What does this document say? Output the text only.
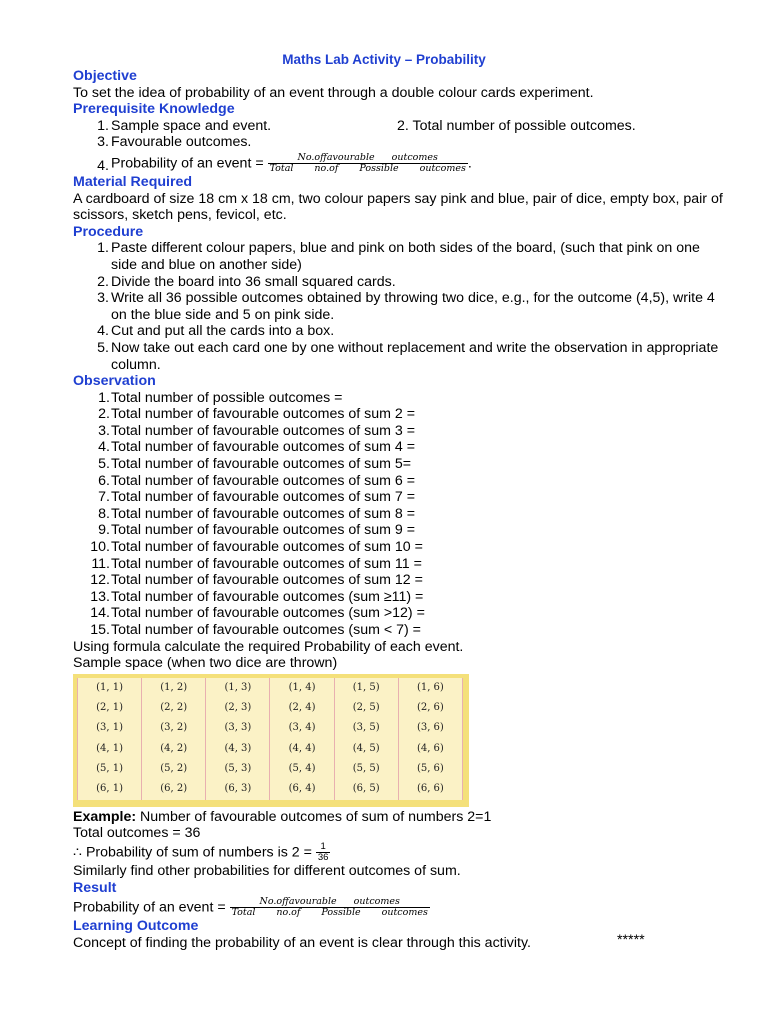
Maths Lab Activity – Probability

Objective

To set the idea of probability of an event through a double colour cards experiment.

Prerequisite Knowledge

1. Sample space and event.	2. Total number of possible outcomes.
3. Favourable outcomes.
4. Probability of an event = $\frac{\text{No.offavourable outcomes}}{\text{Total no.of Possible outcomes}}$ .

Material Required

A cardboard of size 18 cm x 18 cm, two colour papers say pink and blue, pair of dice, empty box, pair of scissors, sketch pens, fevicol, etc.

Procedure

1. Paste different colour papers, blue and pink on both sides of the board, (such that pink on one side and blue on another side)
2. Divide the board into 36 small squared cards.
3. Write all 36 possible outcomes obtained by throwing two dice, e.g., for the outcome (4,5), write 4 on the blue side and 5 on pink side.
4. Cut and put all the cards into a box.
5. Now take out each card one by one without replacement and write the observation in appropriate column.

Observation

1. Total number of possible outcomes =
2. Total number of favourable outcomes of sum 2 =
3. Total number of favourable outcomes of sum 3 =
4. Total number of favourable outcomes of sum 4 =
5. Total number of favourable outcomes of sum 5=
6. Total number of favourable outcomes of sum 6 =
7. Total number of favourable outcomes of sum 7 =
8. Total number of favourable outcomes of sum 8 =
9. Total number of favourable outcomes of sum 9 =
10. Total number of favourable outcomes of sum 10 =
11. Total number of favourable outcomes of sum 11 =
12. Total number of favourable outcomes of sum 12 =
13. Total number of favourable outcomes (sum ≥11) =
14. Total number of favourable outcomes (sum >12) =
15. Total number of favourable outcomes (sum < 7) =

Using formula calculate the required Probability of each event.

Sample space (when two dice are thrown)

(1, 1)	(1, 2)	(1, 3)	(1, 4)	(1, 5)	(1, 6)
(2, 1)	(2, 2)	(2, 3)	(2, 4)	(2, 5)	(2, 6)
(3, 1)	(3, 2)	(3, 3)	(3, 4)	(3, 5)	(3, 6)
(4, 1)	(4, 2)	(4, 3)	(4, 4)	(4, 5)	(4, 6)
(5, 1)	(5, 2)	(5, 3)	(5, 4)	(5, 5)	(5, 6)
(6, 1)	(6, 2)	(6, 3)	(6, 4)	(6, 5)	(6, 6)

Example: Number of favourable outcomes of sum of numbers 2=1

Total outcomes = 36

∴ Probability of sum of numbers is $2 = \frac{1}{36}$

Similarly find other probabilities for different outcomes of sum.

Result

Probability of an event = $\frac{\text{No.offavourable outcomes}}{\text{Total no.of Possible outcomes}}$

Learning Outcome

Concept of finding the probability of an event is clear through this activity.	*****
